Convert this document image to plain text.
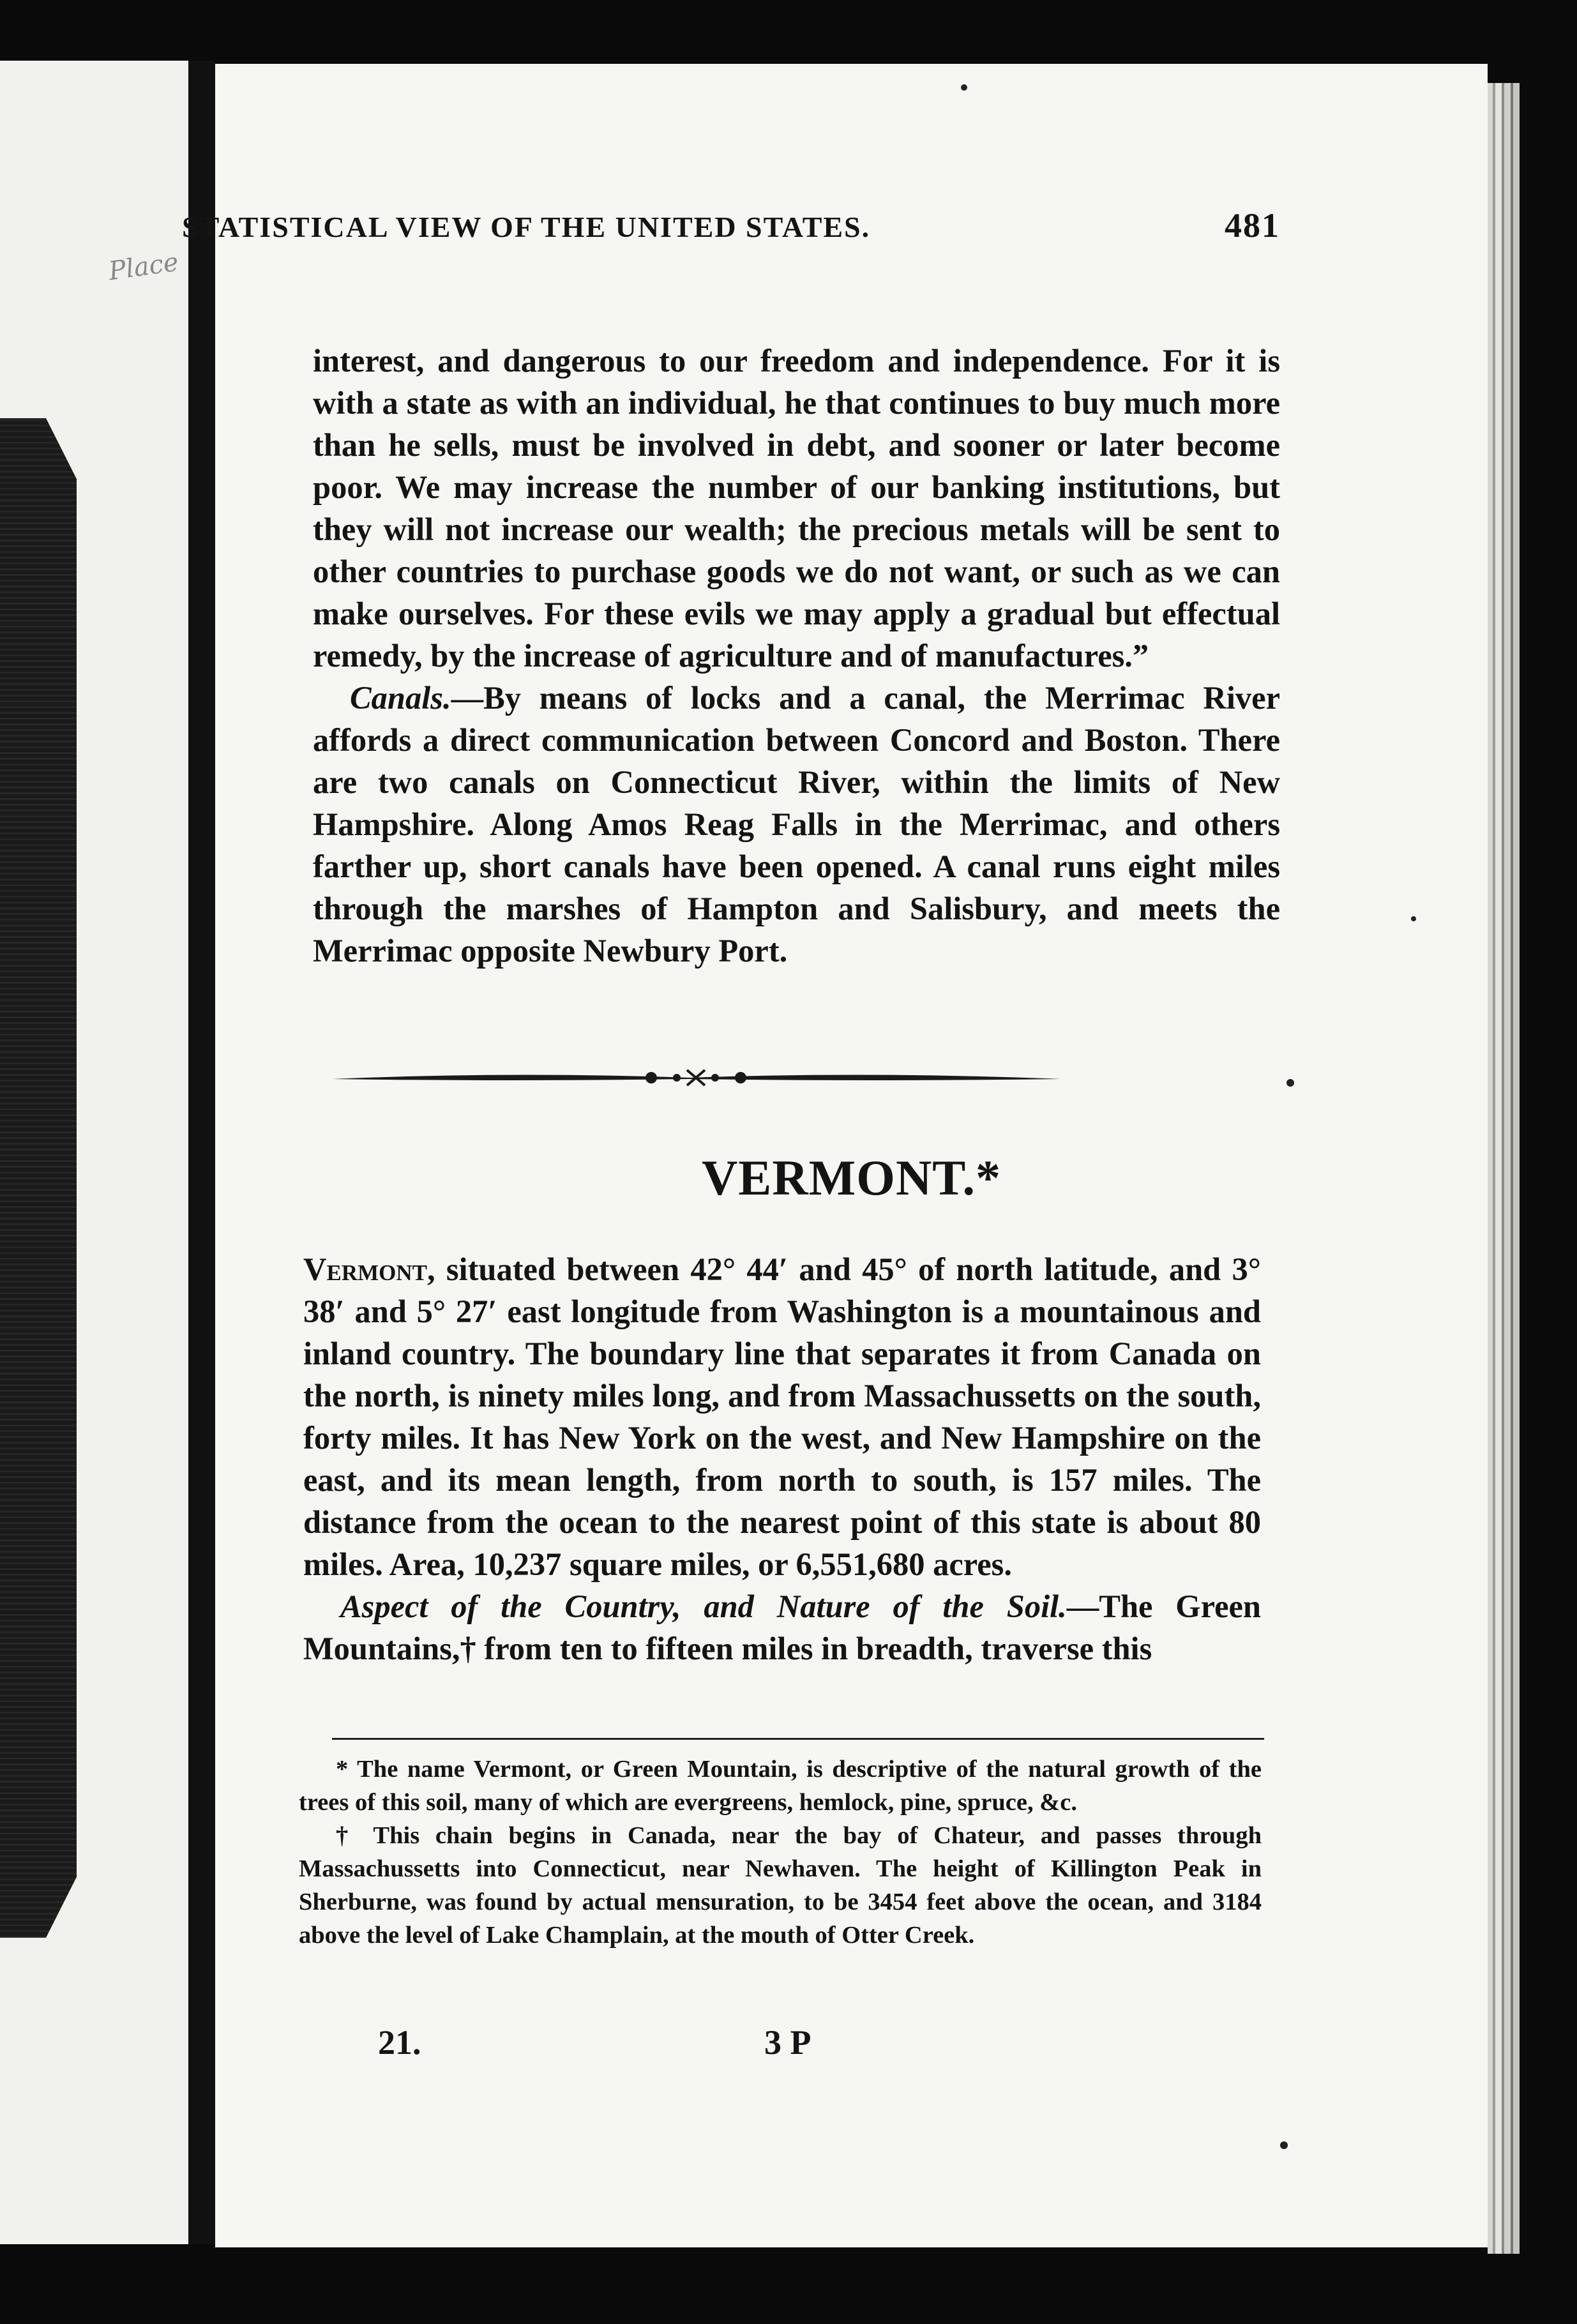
Place
STATISTICAL VIEW OF THE UNITED STATES.	481

interest, and dangerous to our freedom and independence. For it is with a state as with an individual, he that continues to buy much more than he sells, must be involved in debt, and sooner or later become poor. We may increase the number of our banking institutions, but they will not increase our wealth; the precious metals will be sent to other countries to purchase goods we do not want, or such as we can make ourselves. For these evils we may apply a gradual but effectual remedy, by the increase of agriculture and of manufactures.”

Canals.—By means of locks and a canal, the Merrimac River affords a direct communication between Concord and Boston. There are two canals on Connecticut River, within the limits of New Hampshire. Along Amos Reag Falls in the Merrimac, and others farther up, short canals have been opened. A canal runs eight miles through the marshes of Hampton and Salisbury, and meets the Merrimac opposite Newbury Port.

VERMONT.*

Vermont, situated between 42° 44′ and 45° of north latitude, and 3° 38′ and 5° 27′ east longitude from Washington is a mountainous and inland country. The boundary line that separates it from Canada on the north, is ninety miles long, and from Massachussetts on the south, forty miles. It has New York on the west, and New Hampshire on the east, and its mean length, from north to south, is 157 miles. The distance from the ocean to the nearest point of this state is about 80 miles. Area, 10,237 square miles, or 6,551,680 acres.

Aspect of the Country, and Nature of the Soil.—The Green Mountains,† from ten to fifteen miles in breadth, traverse this

* The name Vermont, or Green Mountain, is descriptive of the natural growth of the trees of this soil, many of which are evergreens, hemlock, pine, spruce, &c.

† This chain begins in Canada, near the bay of Chateur, and passes through Massachussetts into Connecticut, near Newhaven. The height of Killington Peak in Sherburne, was found by actual mensuration, to be 3454 feet above the ocean, and 3184 above the level of Lake Champlain, at the mouth of Otter Creek.

21.	3 P
